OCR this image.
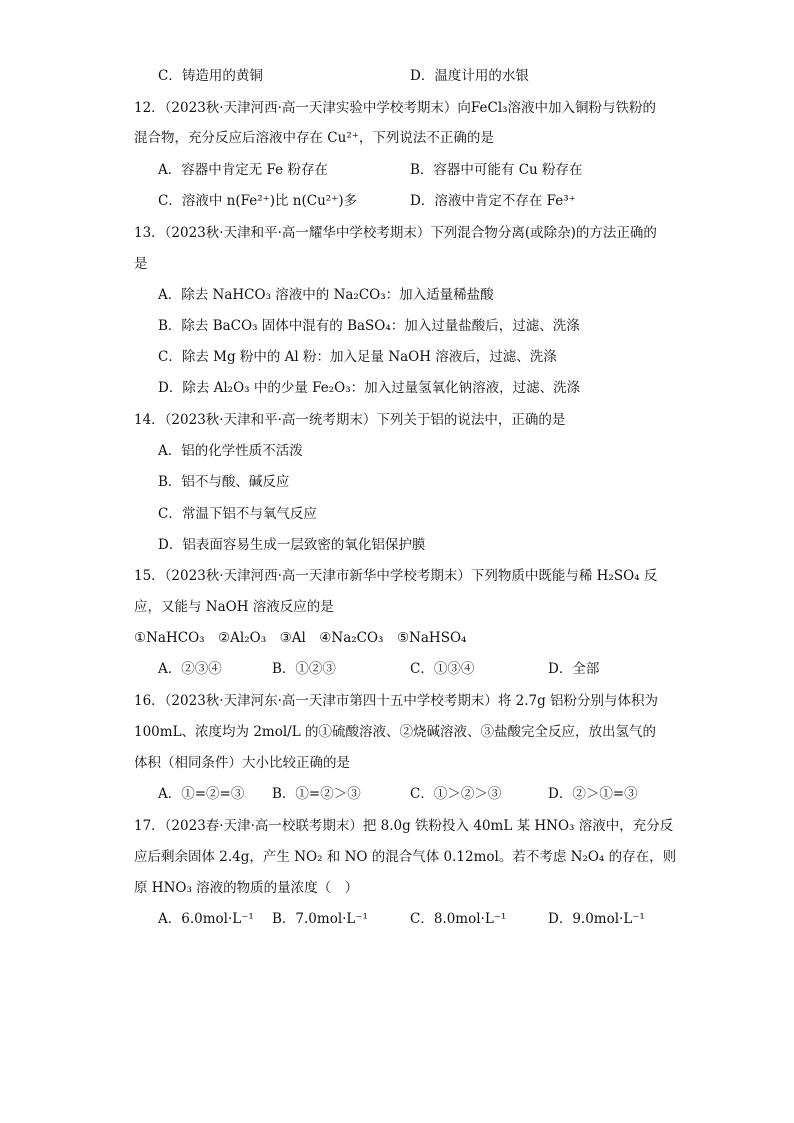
C．铸造用的黄铜	D．温度计用的水银
12．（2023秋·天津河西·高一天津实验中学校考期末）向FeCl₃溶液中加入铜粉与铁粉的
混合物，充分反应后溶液中存在 Cu²⁺，下列说法不正确的是
A．容器中肯定无 Fe 粉存在	B．容器中可能有 Cu 粉存在
C．溶液中 n(Fe²⁺)比 n(Cu²⁺)多	D．溶液中肯定不存在 Fe³⁺
13．（2023秋·天津和平·高一耀华中学校考期末）下列混合物分离(或除杂)的方法正确的
是
A．除去 NaHCO₃ 溶液中的 Na₂CO₃：加入适量稀盐酸
B．除去 BaCO₃ 固体中混有的 BaSO₄：加入过量盐酸后，过滤、洗涤
C．除去 Mg 粉中的 Al 粉：加入足量 NaOH 溶液后，过滤、洗涤
D．除去 Al₂O₃ 中的少量 Fe₂O₃：加入过量氢氧化钠溶液，过滤、洗涤
14．（2023秋·天津和平·高一统考期末）下列关于铝的说法中，正确的是
A．铝的化学性质不活泼
B．铝不与酸、碱反应
C．常温下铝不与氧气反应
D．铝表面容易生成一层致密的氧化铝保护膜
15．（2023秋·天津河西·高一天津市新华中学校考期末）下列物质中既能与稀 H₂SO₄ 反
应，又能与 NaOH 溶液反应的是
①NaHCO₃　②Al₂O₃　③Al　④Na₂CO₃　⑤NaHSO₄
A．②③④	B．①②③	C．①③④	D．全部
16．（2023秋·天津河东·高一天津市第四十五中学校考期末）将 2.7g 铝粉分别与体积为
100mL、浓度均为 2mol/L 的①硫酸溶液、②烧碱溶液、③盐酸完全反应，放出氢气的
体积（相同条件）大小比较正确的是
A．①=②=③ B．①=②＞③	C．①＞②＞③	D．②＞①=③
17．（2023春·天津·高一校联考期末）把 8.0g 铁粉投入 40mL 某 HNO₃ 溶液中，充分反
应后剩余固体 2.4g，产生 NO₂ 和 NO 的混合气体 0.12mol。若不考虑 N₂O₄ 的存在，则
原 HNO₃ 溶液的物质的量浓度（　）
A．6.0mol·L⁻¹ B．7.0mol·L⁻¹	C．8.0mol·L⁻¹	D．9.0mol·L⁻¹
